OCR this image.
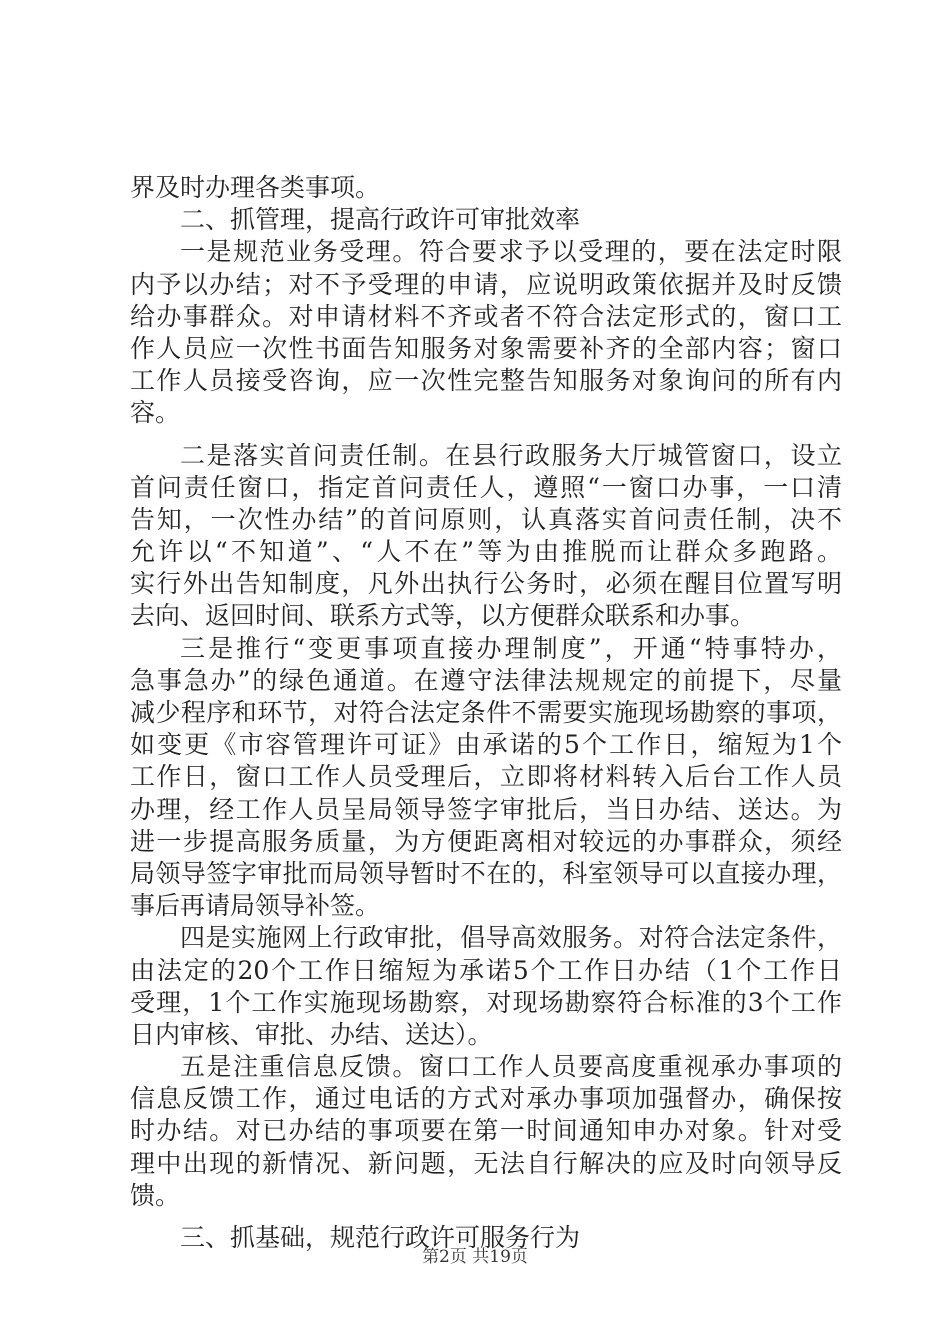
界及时办理各类事项。
二、抓管理，提高行政许可审批效率
一是规范业务受理。符合要求予以受理的，要在法定时限
内予以办结；对不予受理的申请，应说明政策依据并及时反馈
给办事群众。对申请材料不齐或者不符合法定形式的，窗口工
作人员应一次性书面告知服务对象需要补齐的全部内容；窗口
工作人员接受咨询，应一次性完整告知服务对象询问的所有内
容。
二是落实首问责任制。在县行政服务大厅城管窗口，设立
首问责任窗口，指定首问责任人，遵照“一窗口办事，一口清
告知，一次性办结”的首问原则，认真落实首问责任制，决不
允许以“不知道”、“人不在”等为由推脱而让群众多跑路。
实行外出告知制度，凡外出执行公务时，必须在醒目位置写明
去向、返回时间、联系方式等，以方便群众联系和办事。
三是推行“变更事项直接办理制度”，开通“特事特办，
急事急办”的绿色通道。在遵守法律法规规定的前提下，尽量
减少程序和环节，对符合法定条件不需要实施现场勘察的事项，
如变更《市容管理许可证》由承诺的5个工作日，缩短为1个
工作日，窗口工作人员受理后，立即将材料转入后台工作人员
办理，经工作人员呈局领导签字审批后，当日办结、送达。为
进一步提高服务质量，为方便距离相对较远的办事群众，须经
局领导签字审批而局领导暂时不在的，科室领导可以直接办理，
事后再请局领导补签。
四是实施网上行政审批，倡导高效服务。对符合法定条件，
由法定的20个工作日缩短为承诺5个工作日办结（1个工作日
受理，1个工作实施现场勘察，对现场勘察符合标准的3个工作
日内审核、审批、办结、送达）。
五是注重信息反馈。窗口工作人员要高度重视承办事项的
信息反馈工作，通过电话的方式对承办事项加强督办，确保按
时办结。对已办结的事项要在第一时间通知申办对象。针对受
理中出现的新情况、新问题，无法自行解决的应及时向领导反
馈。
三、抓基础，规范行政许可服务行为
第2页 共19页
